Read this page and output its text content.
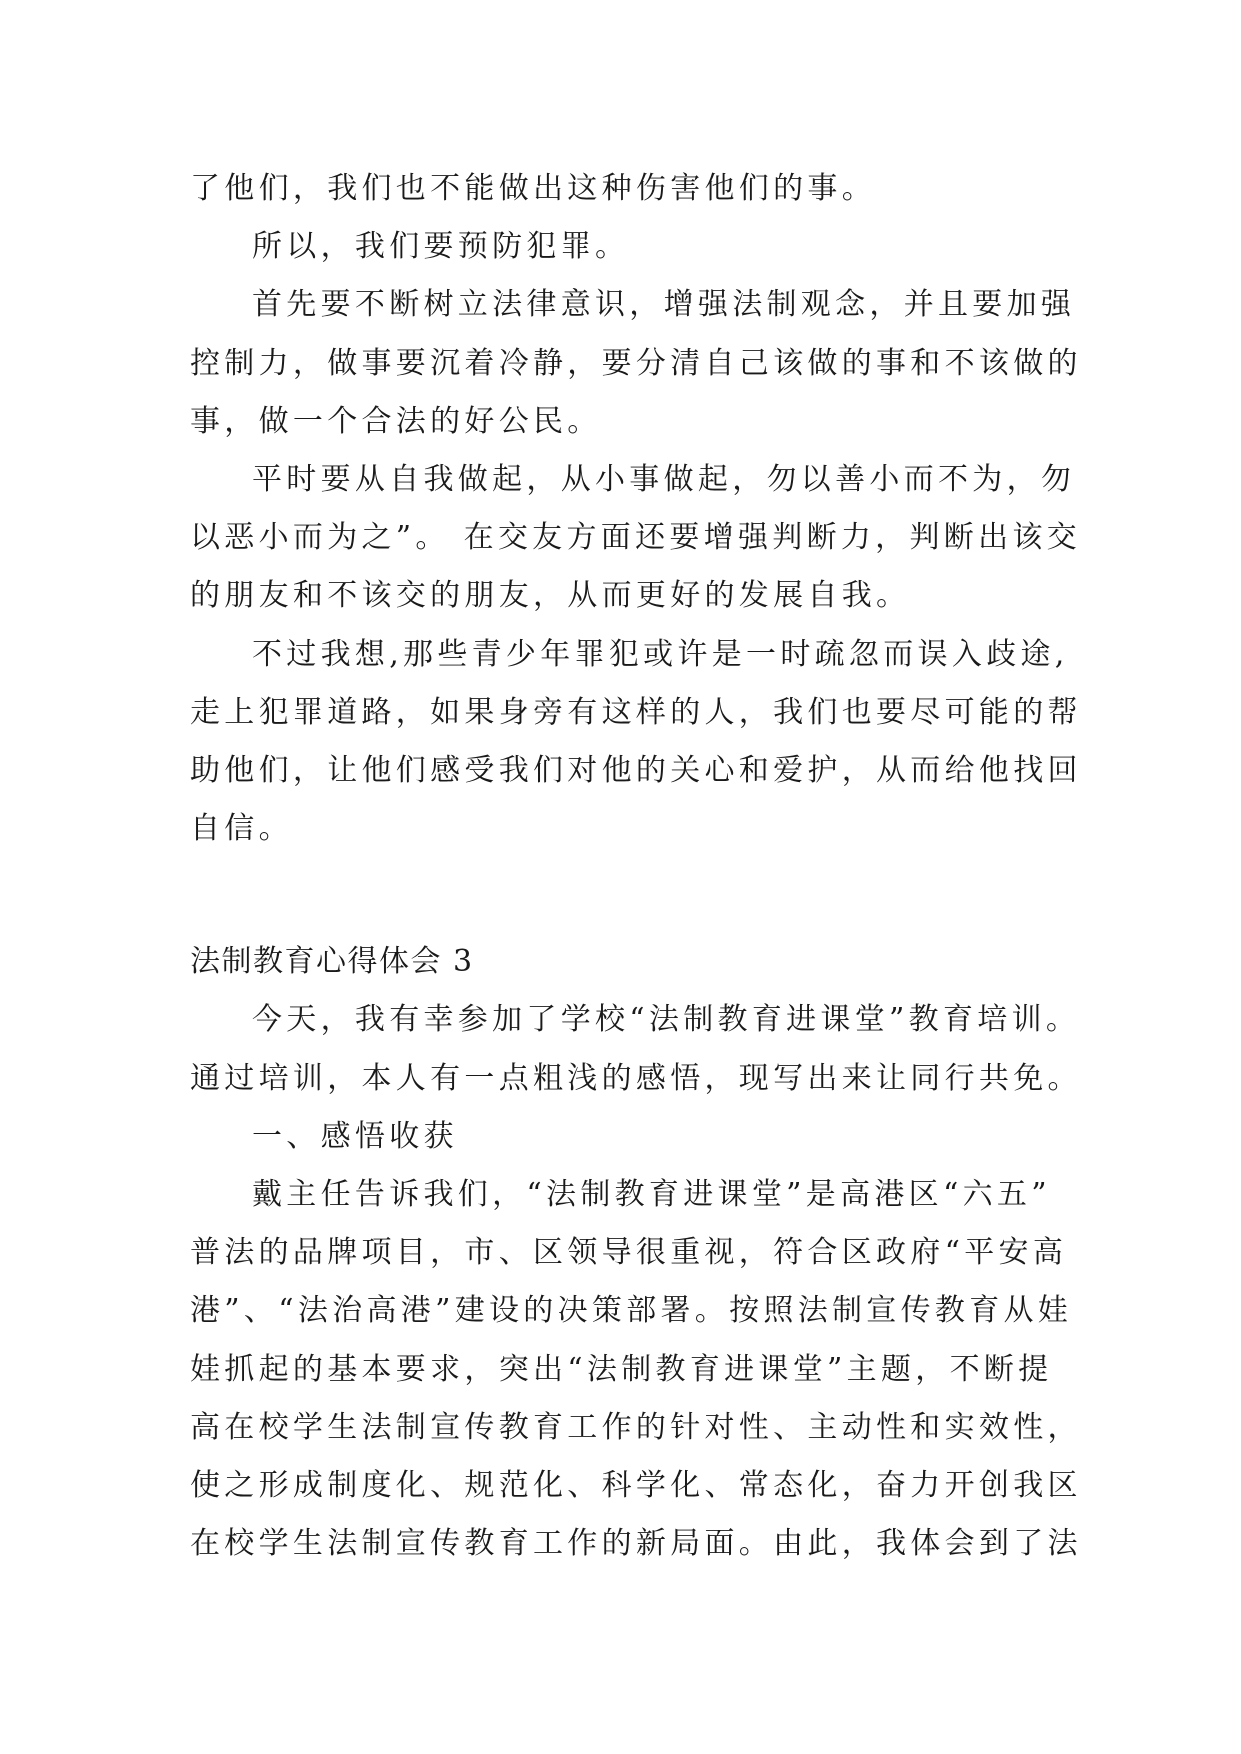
了他们，我们也不能做出这种伤害他们的事。
所以，我们要预防犯罪。
首先要不断树立法律意识，增强法制观念，并且要加强
控制力，做事要沉着冷静，要分清自己该做的事和不该做的
事，做一个合法的好公民。
平时要从自我做起，从小事做起，勿以善小而不为，勿
以恶小而为之”。 在交友方面还要增强判断力，判断出该交
的朋友和不该交的朋友，从而更好的发展自我。
不过我想,那些青少年罪犯或许是一时疏忽而误入歧途,
走上犯罪道路，如果身旁有这样的人，我们也要尽可能的帮
助他们，让他们感受我们对他的关心和爱护，从而给他找回
自信。
法制教育心得体会 3
今天，我有幸参加了学校“法制教育进课堂”教育培训。
通过培训，本人有一点粗浅的感悟，现写出来让同行共免。
一、感悟收获
戴主任告诉我们，“法制教育进课堂”是高港区“六五”
普法的品牌项目，市、区领导很重视，符合区政府“平安高
港”、“法治高港”建设的决策部署。按照法制宣传教育从娃
娃抓起的基本要求，突出“法制教育进课堂”主题，不断提
高在校学生法制宣传教育工作的针对性、主动性和实效性，
使之形成制度化、规范化、科学化、常态化，奋力开创我区
在校学生法制宣传教育工作的新局面。由此，我体会到了法
